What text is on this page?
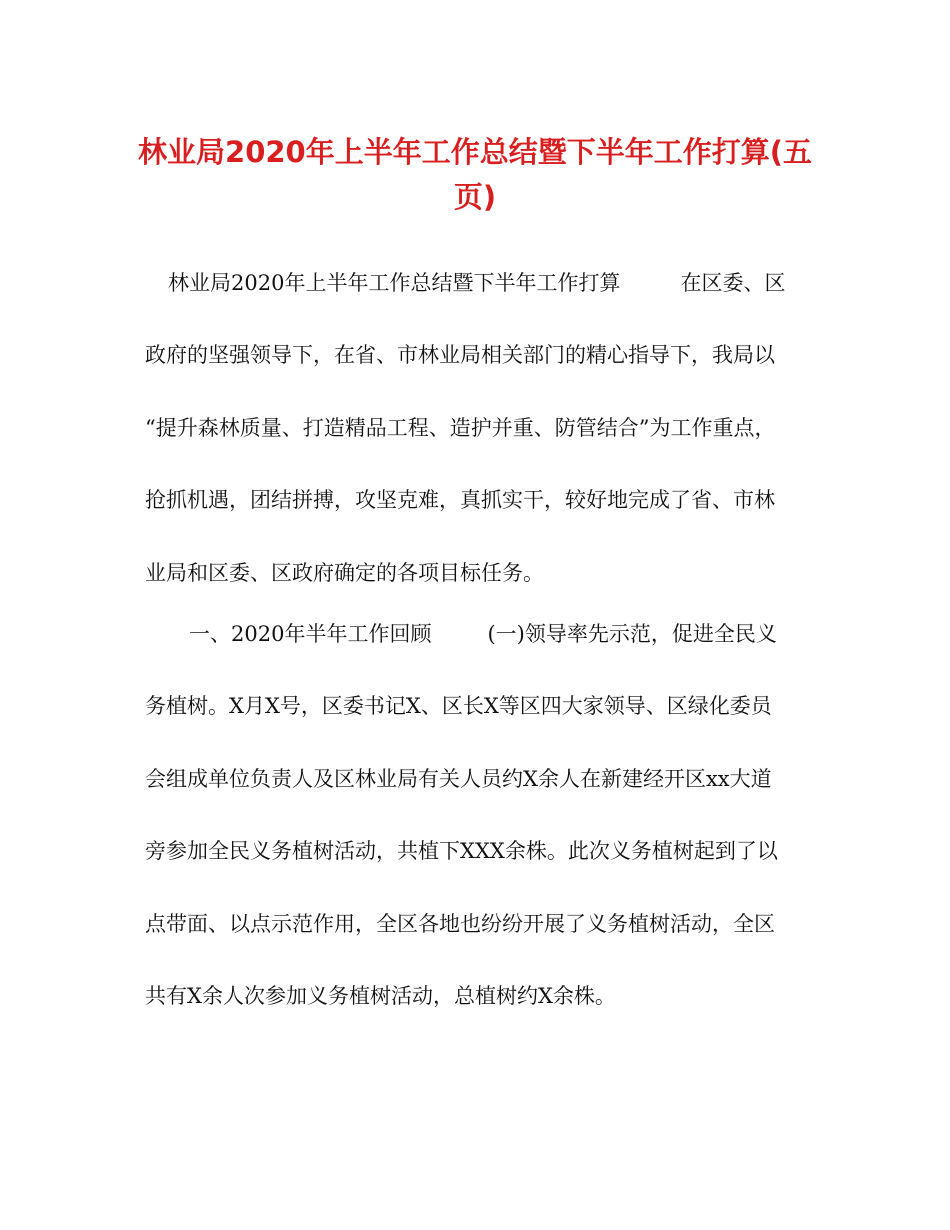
林业局2020年上半年工作总结暨下半年工作打算(五
页)
林业局2020年上半年工作总结暨下半年工作打算	在区委、区
政府的坚强领导下，在省、市林业局相关部门的精心指导下，我局以
“提升森林质量、打造精品工程、造护并重、防管结合”为工作重点，
抢抓机遇，团结拼搏，攻坚克难，真抓实干，较好地完成了省、市林
业局和区委、区政府确定的各项目标任务。
一、2020年半年工作回顾	(一)领导率先示范，促进全民义
务植树。X月X号，区委书记X、区长X等区四大家领导、区绿化委员
会组成单位负责人及区林业局有关人员约X余人在新建经开区xx大道
旁参加全民义务植树活动，共植下XXX余株。此次义务植树起到了以
点带面、以点示范作用，全区各地也纷纷开展了义务植树活动，全区
共有X余人次参加义务植树活动，总植树约X余株。
